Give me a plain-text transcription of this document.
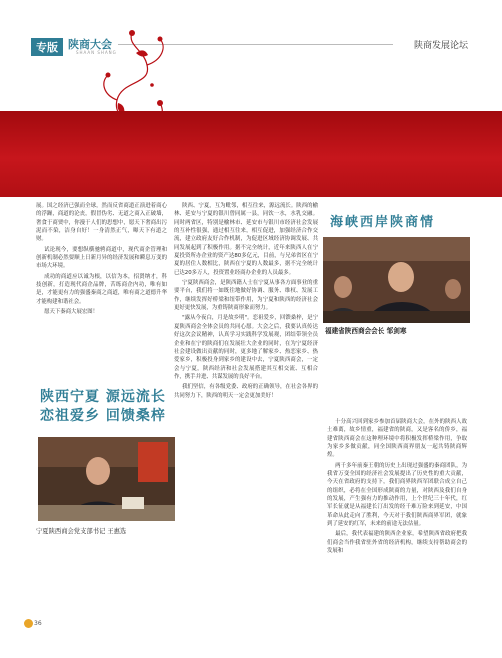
专版 陕商大会
SHAAN SHANG
陕商发展论坛

展。国之经济已强而全球，然而反省商道正演进着商心的浮躁，商道的沦丧，假冒伪劣、无道之商入正破墙，奢食于商贾中，你漫于人们的思想中，愿天下奢商出污泥而不染，洁身自好！一身清然正气，曝天下有道之财。

试论现今，要想纵横驰骋商道中，现代商企管理和创新机制必然要顺上日新月异的经济发展和瞬息万变的市场大环境。

成功的商道应以诚为根，以信为本，招贤纳才，科技创新，打造现代商企品牌，苦练商企内功，唯有如是，才能更有力的强盛秦商之商道，唯有商之道德升华才能构建和谐社会。

愿天下秦商大展宏图！

陕西宁夏 源远流长
恋祖爱乡 回馈桑梓
宁夏陕西商会党支部书记 王惠选

陕西、宁夏，互为毗邻，相互往来，源远流长。陕西的榆林、延安与宁夏的银川曾同属一县，同饮一水，水乳交融。同时两省区，特别是榆林市、延安市与银川市经济社会发展的互补性很强，通过相互往来，相互促进，加强经济合作交流，建立政府友好合作机制，为促进区域经济协调发展、共同发展起到了积极作用。据不完全统计，近年来陕西人在宁夏投资所办企业的资产达80多亿元，目前，与兄弟省区在宁夏的居住人数相比，陕西在宁夏的人数最多，据不完全统计已达20多万人，投资置业经商办企业的人员最多。

宁夏陕西商会，是陕西籍人士在宁夏从事各方面事业的重要平台，我们将一如既往地做好协调、服务、维权、发展工作，继续发挥好桥梁和纽带作用，为宁夏和陕西的经济社会更好更快发展，为重铸陕商形象而努力。

"露从今夜白，月是故乡明"。恋祖爱乡，回馈桑梓，是宁夏陕西商会全体会员的共同心愿。大会之后，我要认真传达好这次会议精神，认真学习实践科学发展观，团结带领全员企业和在宁的陕商们在发展壮大企业的同时，在为宁夏经济社会建设做出贡献的同时，更多地了解家乡、热恋家乡、热爱家乡，积极投身到家乡的建设中去，宁夏陕西商会，一定会与宁夏，陕西经济和社会发展搭建其互相交流、互相合作，携手并进、共谋发展的良好平台。

我们坚信，有各级党委、政府的正确领导，在社会各界的共同努力下，陕西的明天一定会更加美好！

海峡西岸陕商情
福建省陕西商会会长 邹剑寒

十分高兴回到家乡参加首届陕商大会，在外的陕西人故土难离，故乡情重，福建省的陕商，又是客名的侨乡，福建省陕西商会在这种理环境中将积极发挥桥梁作用，争取为家乡多做贡献，同全国陕西商界朋友一起共铸陕商辉煌。

两千多年前秦王朝的历史上出现过强盛的秦商团队，为我省万变全国的经济社会发展提出了历史性的重大贡献，今天在省政府的支持下，我们商界陕西军团联合成立自己的组织，必将在全国形成陕商的力量，对陕西及我们自身的发展，产生强有力的推动作用，上个世纪三十年代，红军长征就是从福建长汀出发的经千难万险来到延安，中国革命从此走向了胜利，今天对于我们陕西商界军团，就象到了延安的红军，未来的前途无法估量。

最后，我代表福建的陕西企业家，希望陕西省政府把我们商会当作我省驻外省的经济机构，继续支持帮助商会的发展和

36
